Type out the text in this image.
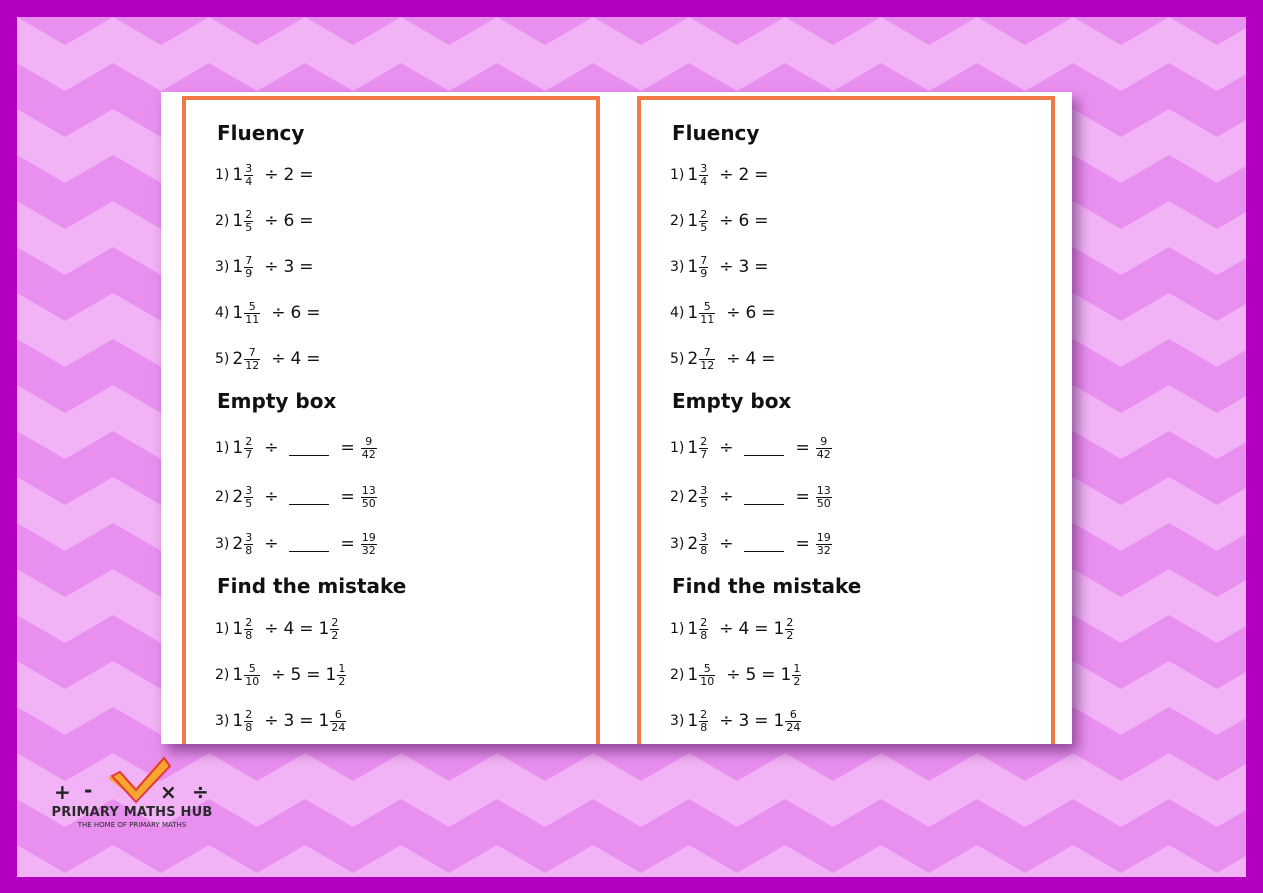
Fluency
1) $1 \frac{3}{4} \div 2$ =
2) $1 \frac{2}{5} \div 6$ =
3) $1 \frac{7}{9} \div 3$ =
4) $1 \frac{5}{11} \div 6$ =
5) $2 \frac{7}{12} \div 4$ =
Empty box
1) $1 \frac{2}{7}$ ÷	= $\frac{9}{42}$
2) $2 \frac{3}{5}$ ÷	= $\frac{13}{50}$
3) $2 \frac{3}{8}$ ÷	= $\frac{19}{32}$
Find the mistake
1) $1 \frac{2}{8} \div 4 = 1 \frac{2}{2}$
2) $1 \frac{5}{10} \div 5 = 1 \frac{1}{2}$
3) $1 \frac{2}{8} \div 3 = 1 \frac{6}{24}$
Fluency
1) $1 \frac{3}{4} \div 2$ =
2) $1 \frac{2}{5} \div 6$ =
3) $1 \frac{7}{9} \div 3$ =
4) $1 \frac{5}{11} \div 6$ =
5) $2 \frac{7}{12} \div 4$ =
Empty box
1) $1 \frac{2}{7}$ ÷	= $\frac{9}{42}$
2) $2 \frac{3}{5}$ ÷	= $\frac{13}{50}$
3) $2 \frac{3}{8}$ ÷	= $\frac{19}{32}$
Find the mistake
1) $1 \frac{2}{8} \div 4 = 1 \frac{2}{2}$
2) $1 \frac{5}{10} \div 5 = 1 \frac{1}{2}$
3) $1 \frac{2}{8} \div 3 = 1 \frac{6}{24}$
+ -	× ÷
PRIMARY MATHS HUB
THE HOME OF PRIMARY MATHS
